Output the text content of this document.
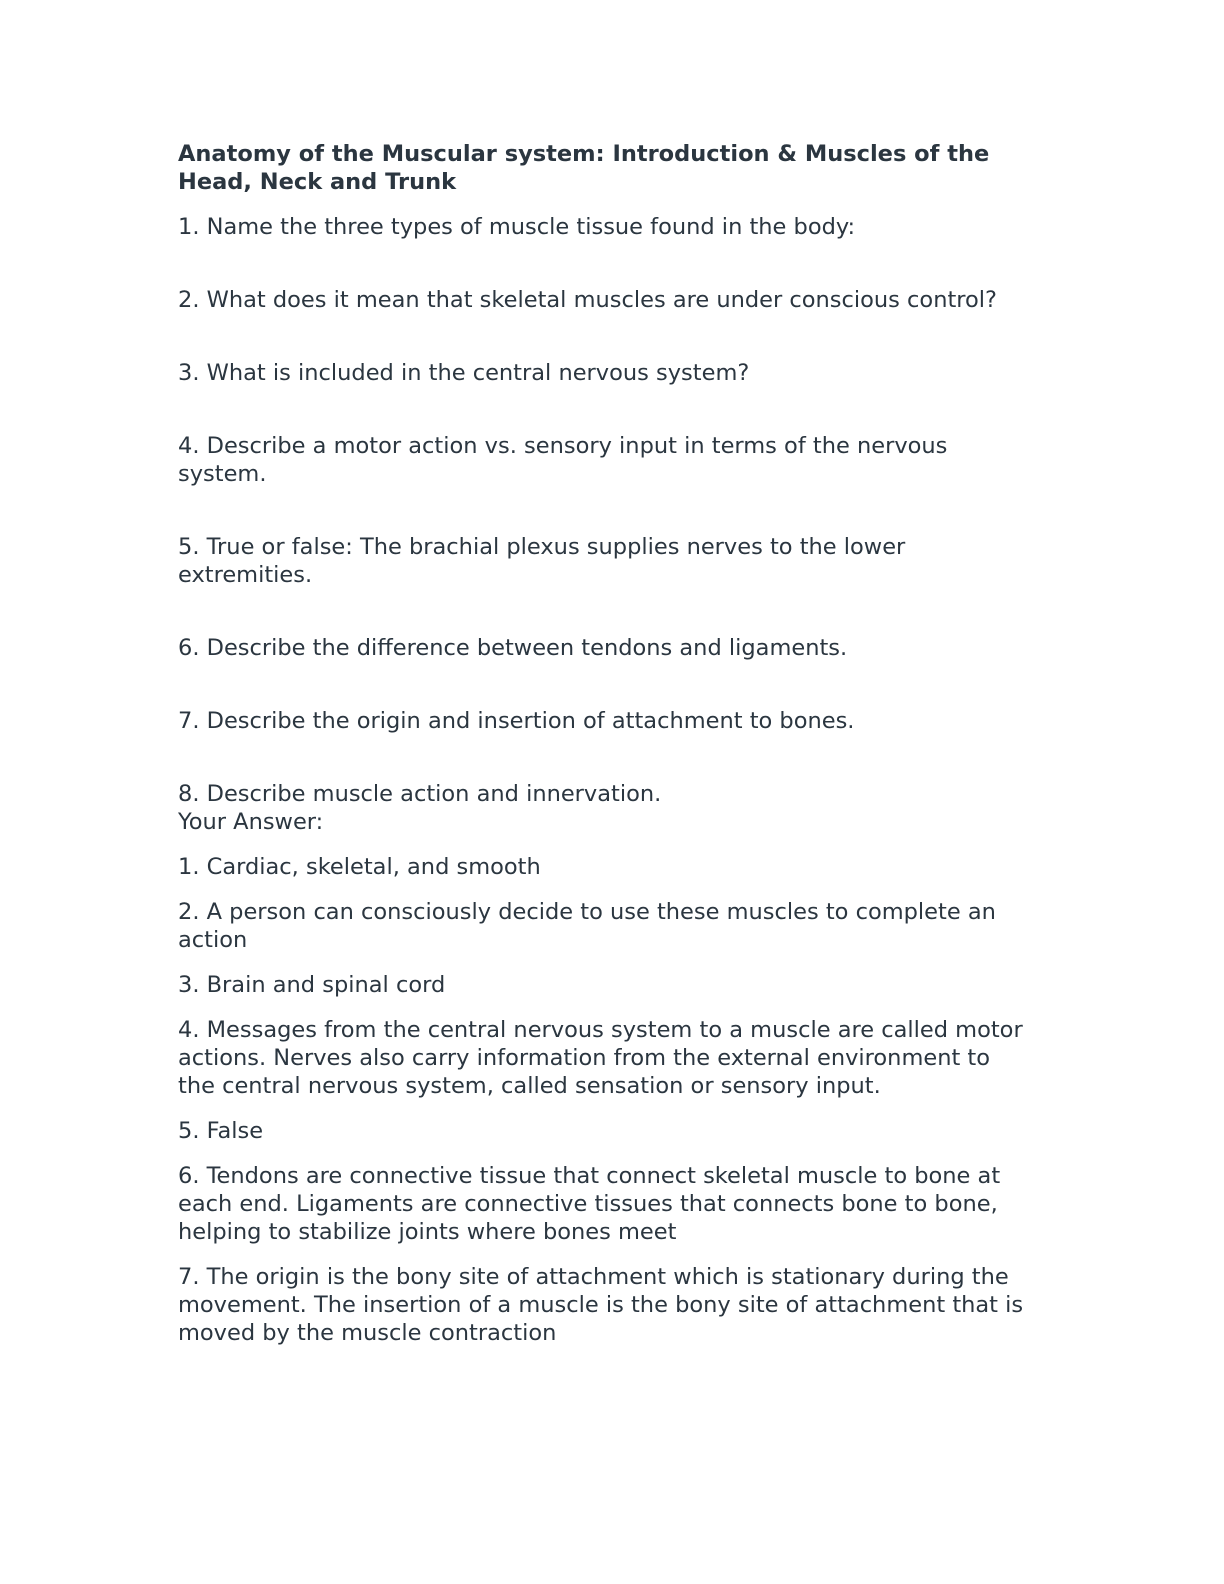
Anatomy of the Muscular system: Introduction & Muscles of the Head, Neck and Trunk
1. Name the three types of muscle tissue found in the body:
2. What does it mean that skeletal muscles are under conscious control?
3. What is included in the central nervous system?
4. Describe a motor action vs. sensory input in terms of the nervous system.
5. True or false: The brachial plexus supplies nerves to the lower extremities.
6. Describe the difference between tendons and ligaments.
7. Describe the origin and insertion of attachment to bones.
8. Describe muscle action and innervation.
Your Answer:
1. Cardiac, skeletal, and smooth
2. A person can consciously decide to use these muscles to complete an action
3. Brain and spinal cord
4. Messages from the central nervous system to a muscle are called motor actions. Nerves also carry information from the external environment to the central nervous system, called sensation or sensory input.
5. False
6. Tendons are connective tissue that connect skeletal muscle to bone at each end. Ligaments are connective tissues that connects bone to bone, helping to stabilize joints where bones meet
7. The origin is the bony site of attachment which is stationary during the movement. The insertion of a muscle is the bony site of attachment that is moved by the muscle contraction
